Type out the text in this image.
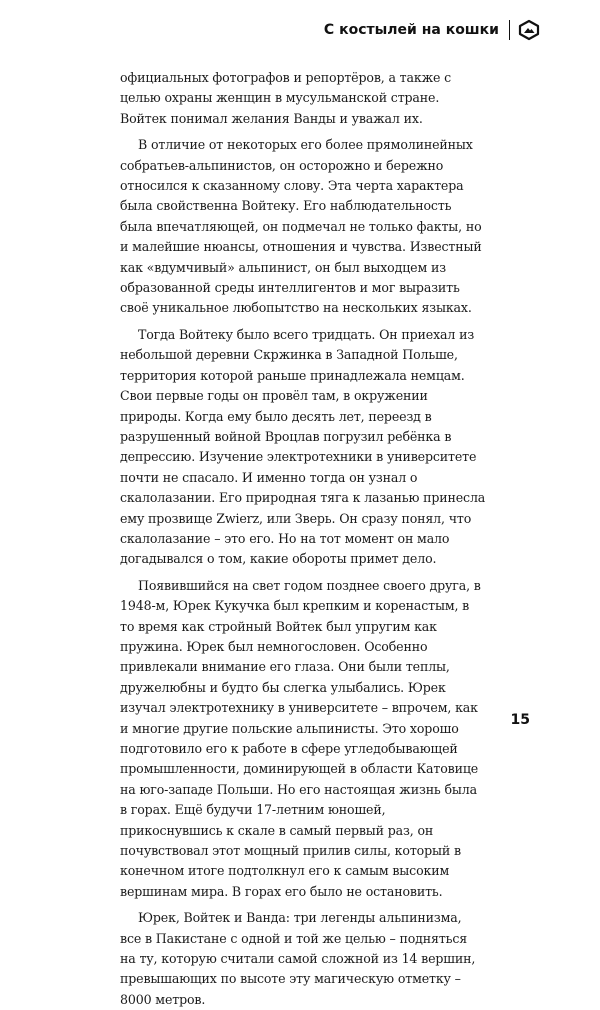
С костылей на кошки

официальных фотографов и репортёров, а также с целью охраны женщин в мусульманской стране. Войтек понимал желания Ванды и уважал их.

В отличие от некоторых его более прямолинейных собратьев-альпинистов, он осторожно и бережно относился к сказанному слову. Эта черта характера была свойственна Войтеку. Его наблюдательность была впечатляющей, он подмечал не только факты, но и малейшие нюансы, отношения и чувства. Известный как «вдумчивый» альпинист, он был выходцем из образованной среды интеллигентов и мог выразить своё уникальное любопытство на нескольких языках.

Тогда Войтеку было всего тридцать. Он приехал из небольшой деревни Скржинка в Западной Польше, территория которой раньше принадлежала немцам. Свои первые годы он провёл там, в окружении природы. Когда ему было десять лет, переезд в разрушенный войной Вроцлав погрузил ребёнка в депрессию. Изучение электротехники в университете почти не спасало. И именно тогда он узнал о скалолазании. Его природная тяга к лазанью принесла ему прозвище Zwierz, или Зверь. Он сразу понял, что скалолазание – это его. Но на тот момент он мало догадывался о том, какие обороты примет дело.

Появившийся на свет годом позднее своего друга, в 1948-м, Юрек Кукучка был крепким и коренастым, в то время как стройный Войтек был упругим как пружина. Юрек был немногословен. Особенно привлекали внимание его глаза. Они были теплы, дружелюбны и будто бы слегка улыбались. Юрек изучал электротехнику в университете – впрочем, как и многие другие польские альпинисты. Это хорошо подготовило его к работе в сфере угледобывающей промышленности, доминирующей в области Катовице на юго-западе Польши. Но его настоящая жизнь была в горах. Ещё будучи 17-летним юношей, прикоснувшись к скале в самый первый раз, он почувствовал этот мощный прилив силы, который в конечном итоге подтолкнул его к самым высоким вершинам мира. В горах его было не остановить.

Юрек, Войтек и Ванда: три легенды альпинизма, все в Пакистане с одной и той же целью – подняться на ту, которую считали самой сложной из 14 вершин, превышающих по высоте эту магическую отметку – 8000 метров.

15
